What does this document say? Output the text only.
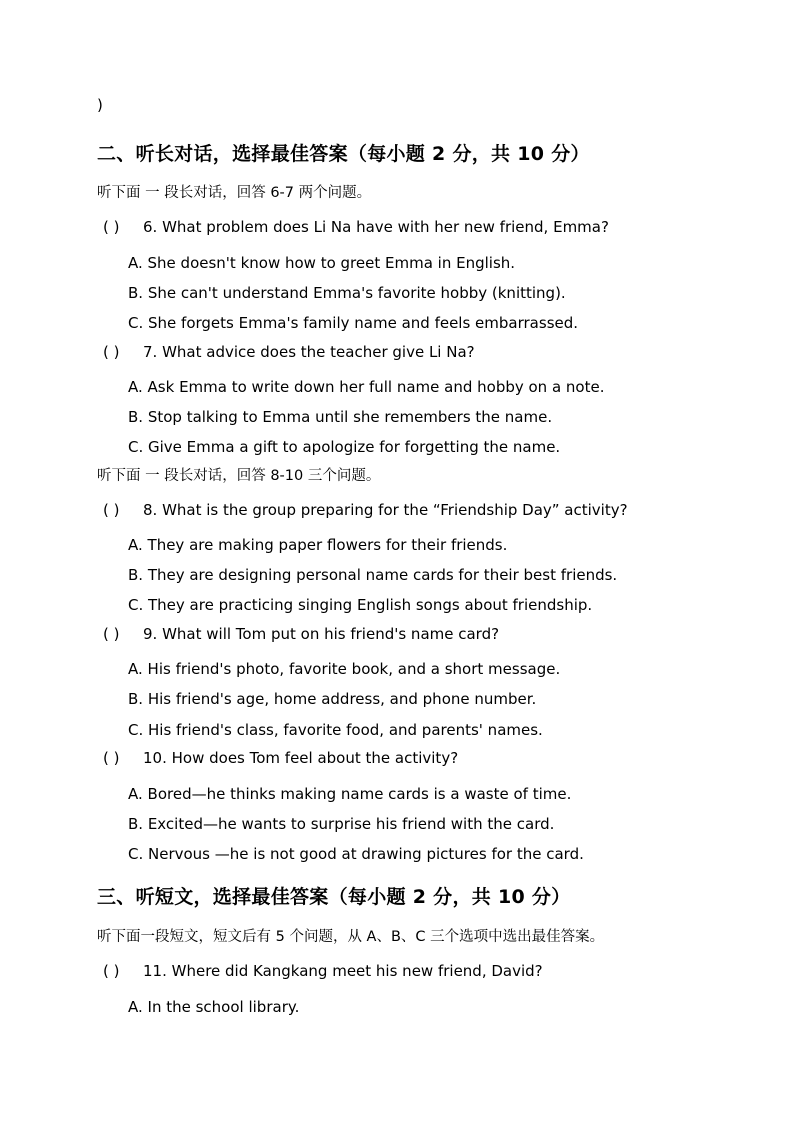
)
二、听长对话，选择最佳答案（每小题 2 分，共 10 分）
听下面 一 段长对话，回答 6-7 两个问题。
( ) 6. What problem does Li Na have with her new friend, Emma?
A. She doesn't know how to greet Emma in English.
B. She can't understand Emma's favorite hobby (knitting).
C. She forgets Emma's family name and feels embarrassed.
( ) 7. What advice does the teacher give Li Na?
A. Ask Emma to write down her full name and hobby on a note.
B. Stop talking to Emma until she remembers the name.
C. Give Emma a gift to apologize for forgetting the name.
听下面 一 段长对话，回答 8-10 三个问题。
( ) 8. What is the group preparing for the “Friendship Day” activity?
A. They are making paper flowers for their friends.
B. They are designing personal name cards for their best friends.
C. They are practicing singing English songs about friendship.
( ) 9. What will Tom put on his friend's name card?
A. His friend's photo, favorite book, and a short message.
B. His friend's age, home address, and phone number.
C. His friend's class, favorite food, and parents' names.
( ) 10. How does Tom feel about the activity?
A. Bored—he thinks making name cards is a waste of time.
B. Excited—he wants to surprise his friend with the card.
C. Nervous —he is not good at drawing pictures for the card.
三、听短文，选择最佳答案（每小题 2 分，共 10 分）
听下面一段短文，短文后有 5 个问题，从 A、B、C 三个选项中选出最佳答案。
( ) 11. Where did Kangkang meet his new friend, David?
A. In the school library.
